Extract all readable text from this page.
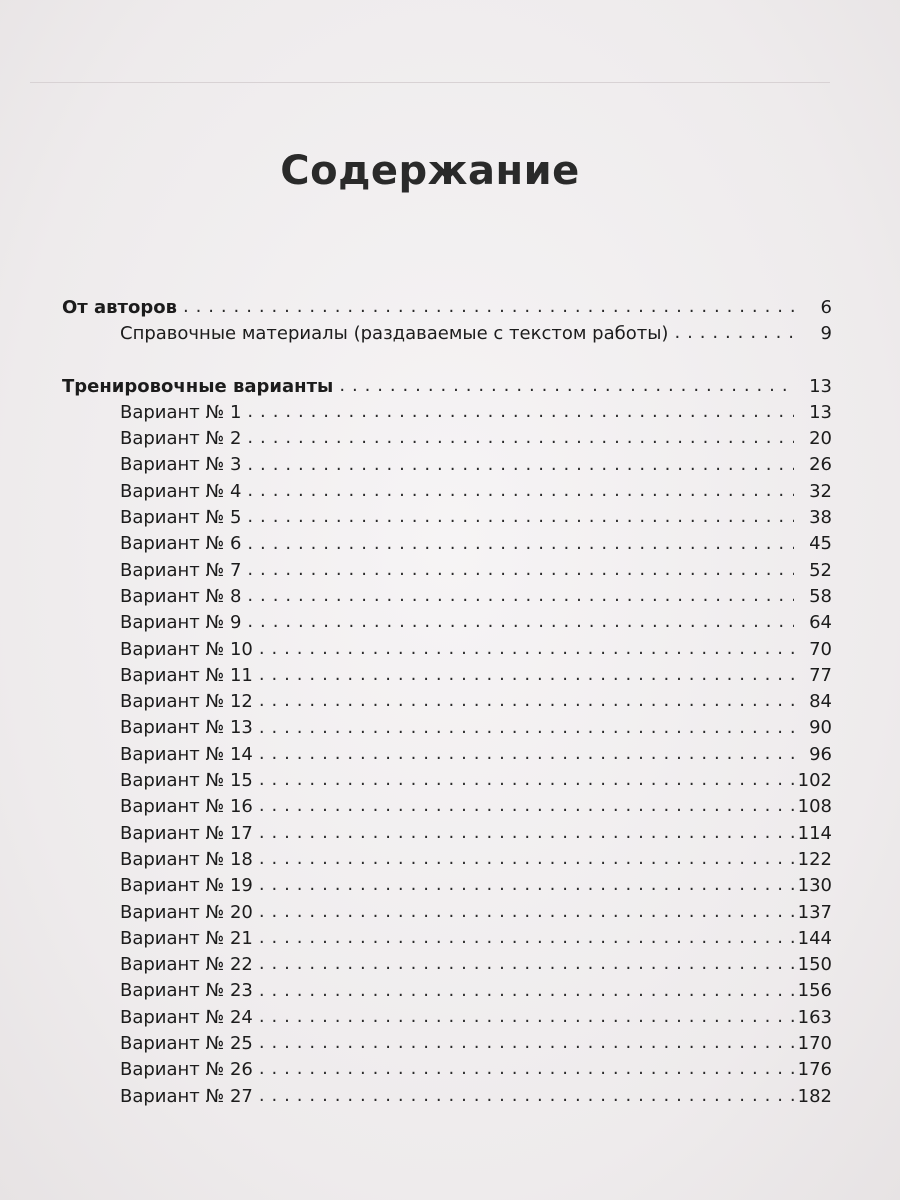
Содержание
От авторов . . .	6
Справочные материалы (раздаваемые с текстом работы) . . .	9
Тренировочные варианты . . .	13
Вариант № 1 . . .	13
Вариант № 2 . . .	20
Вариант № 3 . . .	26
Вариант № 4 . . .	32
Вариант № 5 . . .	38
Вариант № 6 . . .	45
Вариант № 7 . . .	52
Вариант № 8 . . .	58
Вариант № 9 . . .	64
Вариант № 10 . . .	70
Вариант № 11 . . .	77
Вариант № 12 . . .	84
Вариант № 13 . . .	90
Вариант № 14 . . .	96
Вариант № 15 . . .	102
Вариант № 16 . . .	108
Вариант № 17 . . .	114
Вариант № 18 . . .	122
Вариант № 19 . . .	130
Вариант № 20 . . .	137
Вариант № 21 . . .	144
Вариант № 22 . . .	150
Вариант № 23 . . .	156
Вариант № 24 . . .	163
Вариант № 25 . . .	170
Вариант № 26 . . .	176
Вариант № 27 . . .	182
